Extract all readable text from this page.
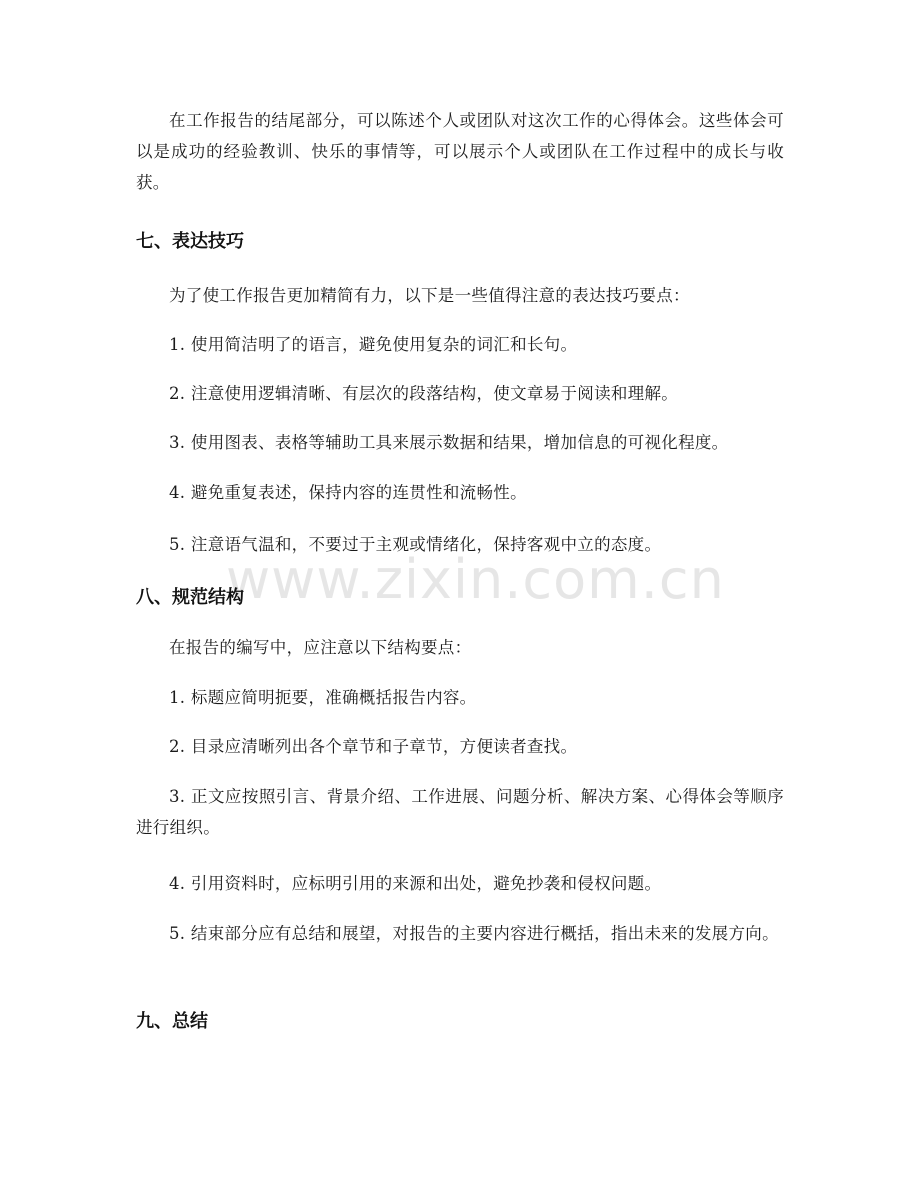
www.zixin.com.cn

在工作报告的结尾部分，可以陈述个人或团队对这次工作的心得体会。这些体会可以是成功的经验教训、快乐的事情等，可以展示个人或团队在工作过程中的成长与收获。

七、表达技巧

为了使工作报告更加精简有力，以下是一些值得注意的表达技巧要点：

1. 使用简洁明了的语言，避免使用复杂的词汇和长句。

2. 注意使用逻辑清晰、有层次的段落结构，使文章易于阅读和理解。

3. 使用图表、表格等辅助工具来展示数据和结果，增加信息的可视化程度。

4. 避免重复表述，保持内容的连贯性和流畅性。

5. 注意语气温和，不要过于主观或情绪化，保持客观中立的态度。

八、规范结构

在报告的编写中，应注意以下结构要点：

1. 标题应简明扼要，准确概括报告内容。

2. 目录应清晰列出各个章节和子章节，方便读者查找。

3. 正文应按照引言、背景介绍、工作进展、问题分析、解决方案、心得体会等顺序进行组织。

4. 引用资料时，应标明引用的来源和出处，避免抄袭和侵权问题。

5. 结束部分应有总结和展望，对报告的主要内容进行概括，指出未来的发展方向。

九、总结
